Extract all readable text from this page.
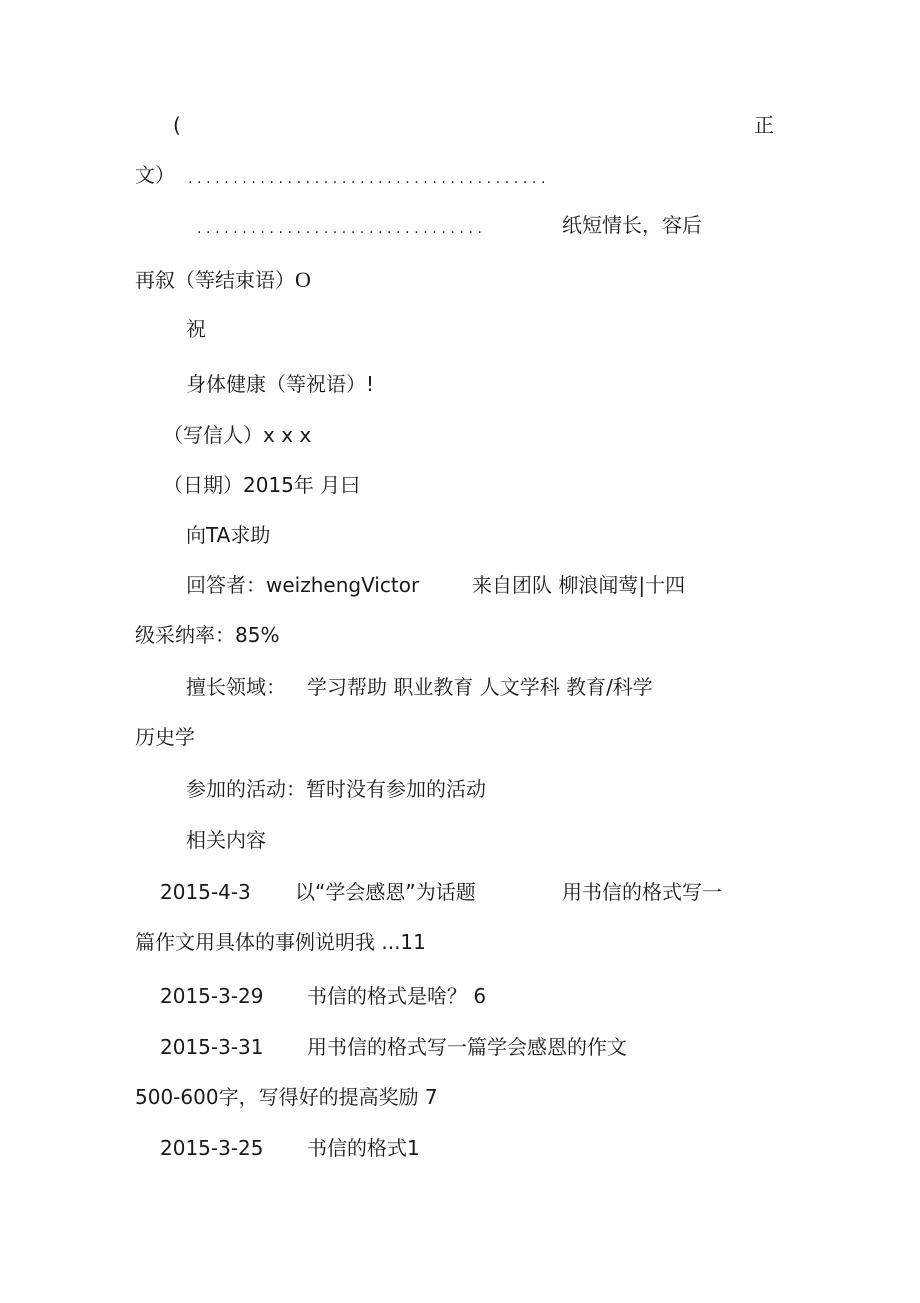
(	正
文） ........................................
................................	纸短情长，容后
再叙（等结束语）O
祝
身体健康（等祝语）!
（写信人）x x x
（日期）2015年 月曰
向TA求助
回答者：weizhengVictor	来自团队 柳浪闻莺|十四
级采纳率：85%
擅长领域： 学习帮助 职业教育 人文学科 教育/科学
历史学
参加的活动：暂时没有参加的活动
相关内容
2015-4-3 以“学会感恩”为话题	用书信的格式写一
篇作文用具体的事例说明我 ...11
2015-3-29 书信的格式是啥？ 6
2015-3-31 用书信的格式写一篇学会感恩的作文
500-600字，写得好的提高奖励 7
2015-3-25 书信的格式1
